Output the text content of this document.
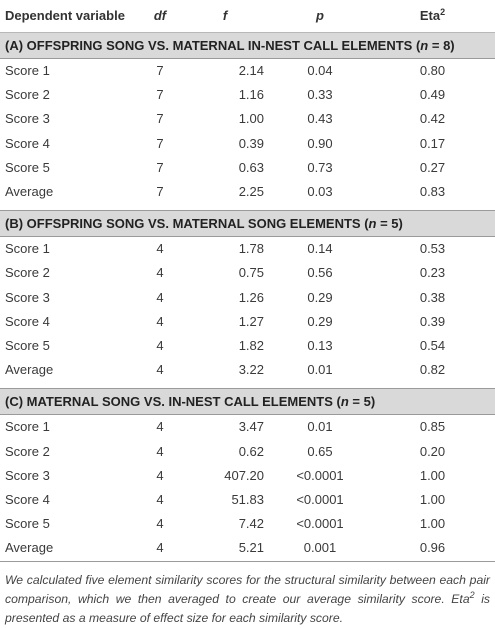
Dependent variable	df	f	p	Eta$^2$
(A) OFFSPRING SONG VS. MATERNAL IN-NEST CALL ELEMENTS (n = 8)				
Score 1	7	2.14	0.04	0.80
Score 2	7	1.16	0.33	0.49
Score 3	7	1.00	0.43	0.42
Score 4	7	0.39	0.90	0.17
Score 5	7	0.63	0.73	0.27
Average	7	2.25	0.03	0.83

(B) OFFSPRING SONG VS. MATERNAL SONG ELEMENTS (n = 5)				
Score 1	4	1.78	0.14	0.53
Score 2	4	0.75	0.56	0.23
Score 3	4	1.26	0.29	0.38
Score 4	4	1.27	0.29	0.39
Score 5	4	1.82	0.13	0.54
Average	4	3.22	0.01	0.82

(C) MATERNAL SONG VS. IN-NEST CALL ELEMENTS (n = 5)				
Score 1	4	3.47	0.01	0.85
Score 2	4	0.62	0.65	0.20
Score 3	4	407.20	<0.0001	1.00
Score 4	4	51.83	<0.0001	1.00
Score 5	4	7.42	<0.0001	1.00
Average	4	5.21	0.001	0.96
We calculated five element similarity scores for the structural similarity between each pair comparison, which we then averaged to create our average similarity score. Eta$^2$ is presented as a measure of effect size for each similarity score.
